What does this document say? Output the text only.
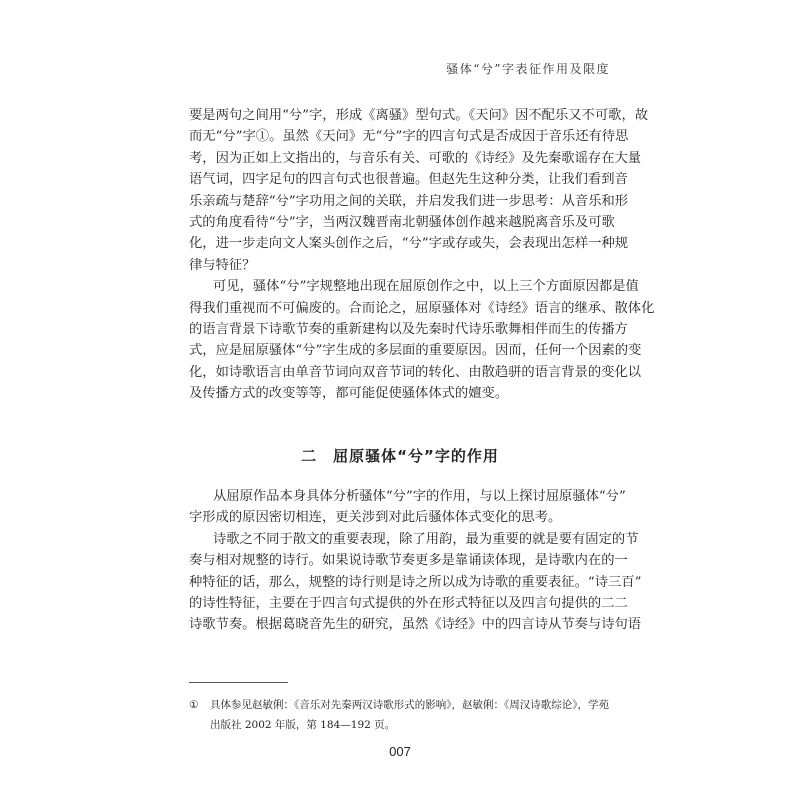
骚体“兮”字表征作用及限度
要是两句之间用“兮”字，形成《离骚》型句式。《天问》因不配乐又不可歌，故
而无“兮”字①。虽然《天问》无“兮”字的四言句式是否成因于音乐还有待思
考，因为正如上文指出的，与音乐有关、可歌的《诗经》及先秦歌谣存在大量
语气词，四字足句的四言句式也很普遍。但赵先生这种分类，让我们看到音
乐亲疏与楚辞“兮”字功用之间的关联，并启发我们进一步思考：从音乐和形
式的角度看待“兮”字，当两汉魏晋南北朝骚体创作越来越脱离音乐及可歌
化，进一步走向文人案头创作之后，“兮”字或存或失，会表现出怎样一种规
律与特征？
可见，骚体“兮”字规整地出现在屈原创作之中，以上三个方面原因都是值
得我们重视而不可偏废的。合而论之，屈原骚体对《诗经》语言的继承、散体化
的语言背景下诗歌节奏的重新建构以及先秦时代诗乐歌舞相伴而生的传播方
式，应是屈原骚体“兮”字生成的多层面的重要原因。因而，任何一个因素的变
化，如诗歌语言由单音节词向双音节词的转化、由散趋骈的语言背景的变化以
及传播方式的改变等等，都可能促使骚体体式的嬗变。
二　屈原骚体“兮”字的作用
从屈原作品本身具体分析骚体“兮”字的作用，与以上探讨屈原骚体“兮”
字形成的原因密切相连，更关涉到对此后骚体体式变化的思考。
诗歌之不同于散文的重要表现，除了用韵，最为重要的就是要有固定的节
奏与相对规整的诗行。如果说诗歌节奏更多是靠诵读体现，是诗歌内在的一
种特征的话，那么，规整的诗行则是诗之所以成为诗歌的重要表征。“诗三百”
的诗性特征，主要在于四言句式提供的外在形式特征以及四言句提供的二二
诗歌节奏。根据葛晓音先生的研究，虽然《诗经》中的四言诗从节奏与诗句语
① 具体参见赵敏俐：《音乐对先秦两汉诗歌形式的影响》，赵敏俐：《周汉诗歌综论》，学苑
出版社 2002 年版，第 184—192 页。
007
